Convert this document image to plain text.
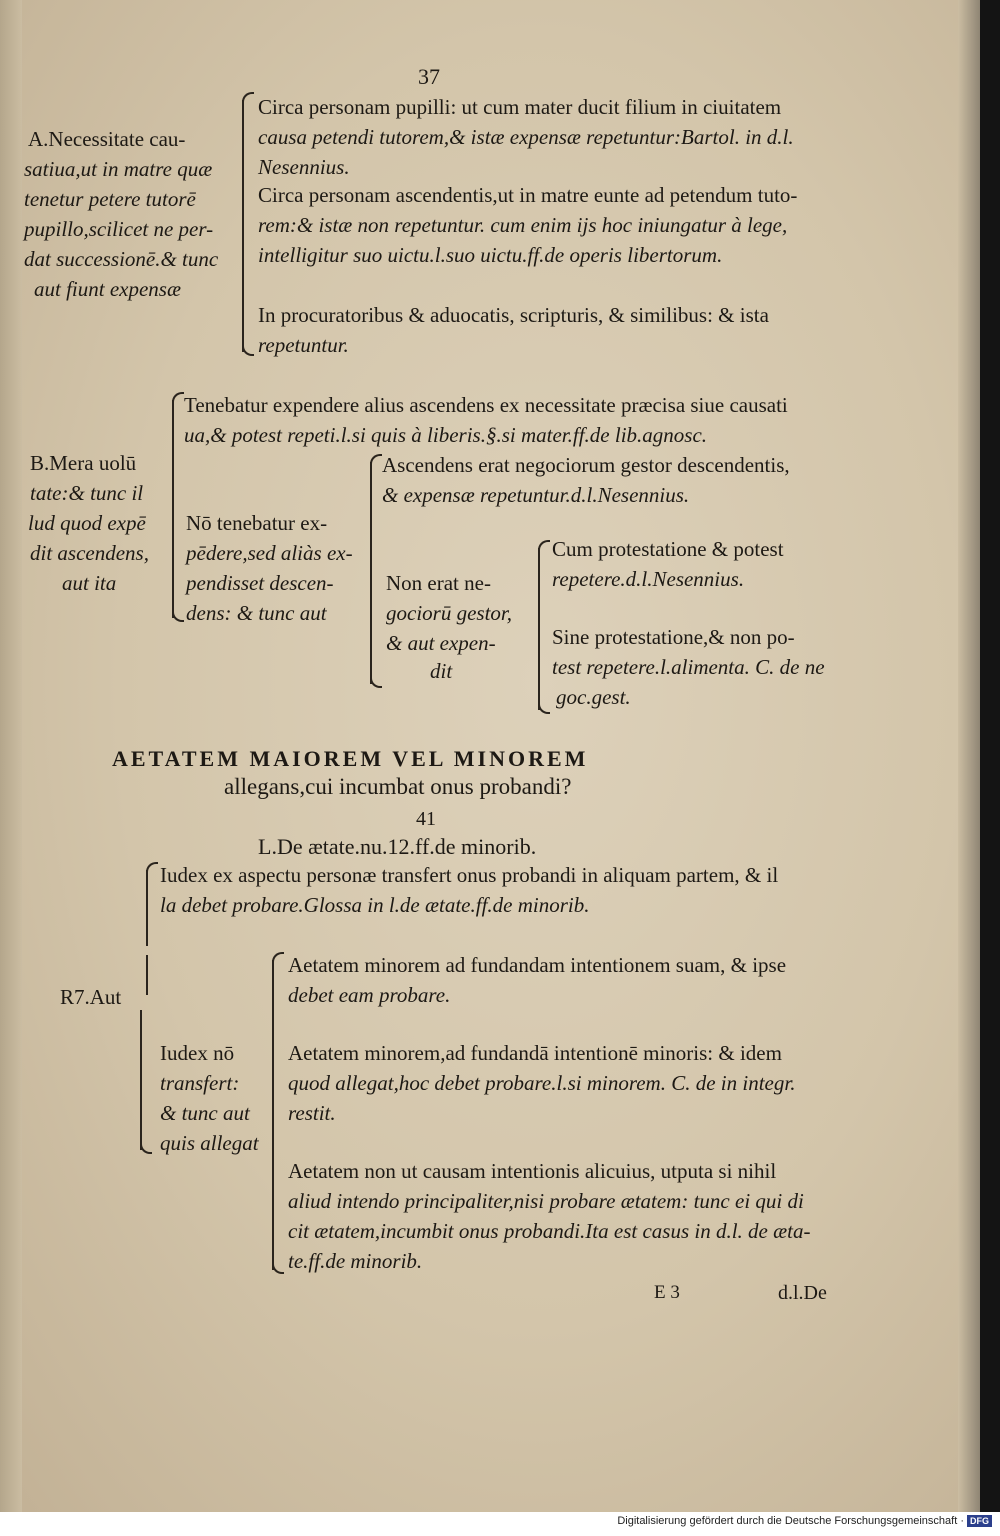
37
A.Necessitate cau-
satiua,ut in matre quæ
tenetur petere tutorē
pupillo,scilicet ne per-
dat successionē.& tunc
aut fiunt expensæ
Circa personam pupilli: ut cum mater ducit filium in ciuitatem
causa petendi tutorem,& istæ expensæ repetuntur:Bartol. in d.l.
Nesennius.
Circa personam ascendentis,ut in matre eunte ad petendum tuto-
rem:& istæ non repetuntur. cum enim ijs hoc iniungatur à lege,
intelligitur suo uictu.l.suo uictu.ff.de operis libertorum.
In procuratoribus & aduocatis, scripturis, & similibus: & ista
repetuntur.
B.Mera uolū
tate:& tunc il
lud quod expē
dit ascendens,
aut ita
Tenebatur expendere alius ascendens ex necessitate præcisa siue causati
ua,& potest repeti.l.si quis à liberis.§.si mater.ff.de lib.agnosc.
Nō tenebatur ex-
pēdere,sed aliàs ex-
pendisset descen-
dens: & tunc aut
Ascendens erat negociorum gestor descendentis,
& expensæ repetuntur.d.l.Nesennius.
Non erat ne-
gociorū gestor,
& aut expen-
dit
Cum protestatione & potest
repetere.d.l.Nesennius.
Sine protestatione,& non po-
test repetere.l.alimenta. C. de ne
goc.gest.
AETATEM MAIOREM VEL MINOREM
allegans,cui incumbat onus probandi?
41
L.De ætate.nu.12.ff.de minorib.
R7.Aut
Iudex ex aspectu personæ transfert onus probandi in aliquam partem, & il
la debet probare.Glossa in l.de ætate.ff.de minorib.
Iudex nō
transfert:
& tunc aut
quis allegat
Aetatem minorem ad fundandam intentionem suam, & ipse
debet eam probare.
Aetatem minorem,ad fundandā intentionē minoris: & idem
quod allegat,hoc debet probare.l.si minorem. C. de in integr.
restit.
Aetatem non ut causam intentionis alicuius, utputa si nihil
aliud intendo principaliter,nisi probare ætatem: tunc ei qui di
cit ætatem,incumbit onus probandi.Ita est casus in d.l. de æta-
te.ff.de minorib.
E 3	d.l.De
Digitalisierung gefördert durch die Deutsche Forschungsgemeinschaft · DFG
